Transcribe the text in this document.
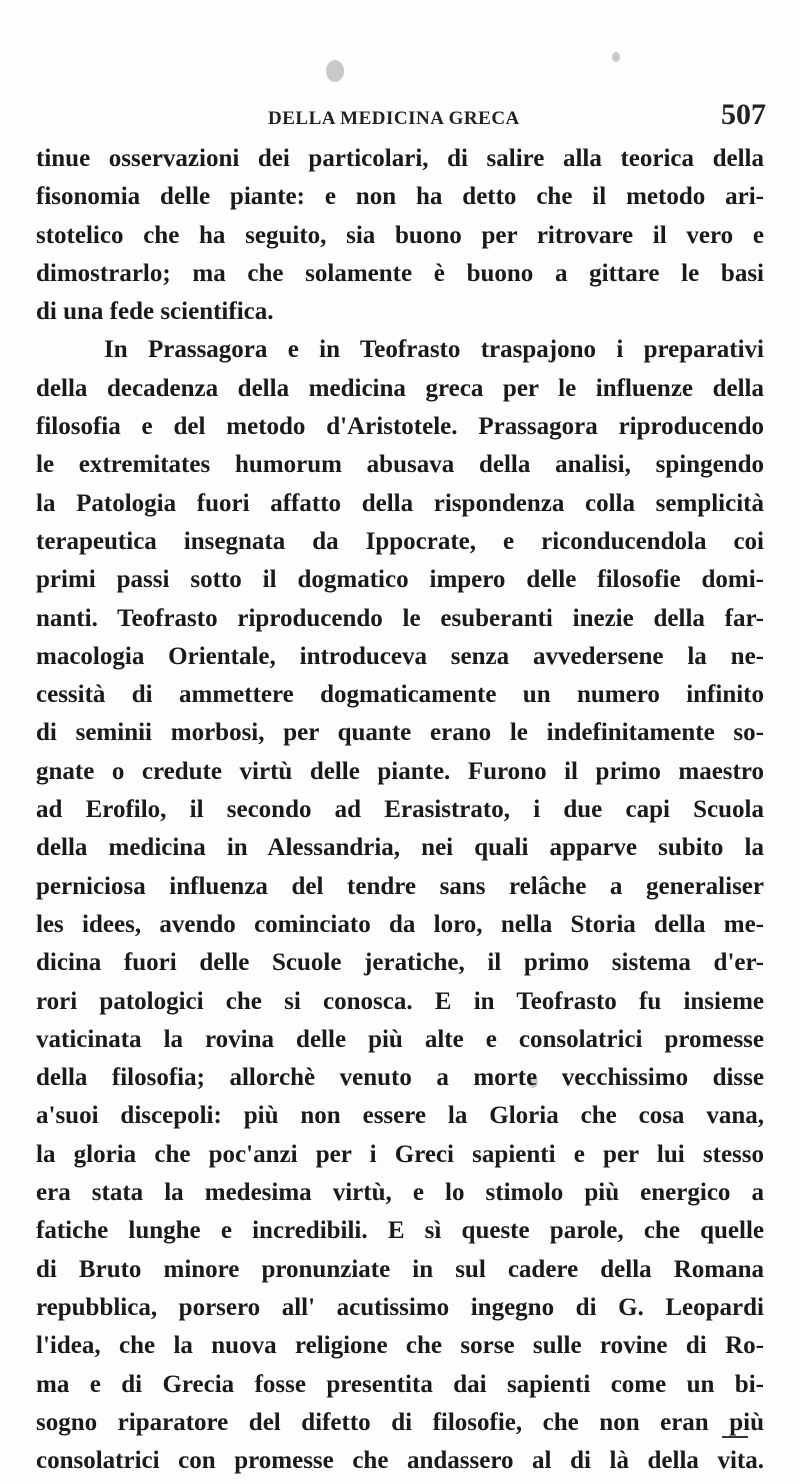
DELLA MEDICINA GRECA	507
tinue osservazioni dei particolari, di salire alla teorica della
fisonomia delle piante: e non ha detto che il metodo ari-
stotelico che ha seguito, sia buono per ritrovare il vero e
dimostrarlo; ma che solamente è buono a gittare le basi
di una fede scientifica.
In Prassagora e in Teofrasto traspajono i preparativi
della decadenza della medicina greca per le influenze della
filosofia e del metodo d'Aristotele. Prassagora riproducendo
le extremitates humorum abusava della analisi, spingendo
la Patologia fuori affatto della rispondenza colla semplicità
terapeutica insegnata da Ippocrate, e riconducendola coi
primi passi sotto il dogmatico impero delle filosofie domi-
nanti. Teofrasto riproducendo le esuberanti inezie della far-
macologia Orientale, introduceva senza avvedersene la ne-
cessità di ammettere dogmaticamente un numero infinito
di seminii morbosi, per quante erano le indefinitamente so-
gnate o credute virtù delle piante. Furono il primo maestro
ad Erofilo, il secondo ad Erasistrato, i due capi Scuola
della medicina in Alessandria, nei quali apparve subito la
perniciosa influenza del tendre sans relâche a generaliser
les idees, avendo cominciato da loro, nella Storia della me-
dicina fuori delle Scuole jeratiche, il primo sistema d'er-
rori patologici che si conosca. E in Teofrasto fu insieme
vaticinata la rovina delle più alte e consolatrici promesse
della filosofia; allorchè venuto a morte vecchissimo disse
a'suoi discepoli: più non essere la Gloria che cosa vana,
la gloria che poc'anzi per i Greci sapienti e per lui stesso
era stata la medesima virtù, e lo stimolo più energico a
fatiche lunghe e incredibili. E sì queste parole, che quelle
di Bruto minore pronunziate in sul cadere della Romana
repubblica, porsero all' acutissimo ingegno di G. Leopardi
l'idea, che la nuova religione che sorse sulle rovine di Ro-
ma e di Grecia fosse presentita dai sapienti come un bi-
sogno riparatore del difetto di filosofie, che non eran più
consolatrici con promesse che andassero al di là della vita.
